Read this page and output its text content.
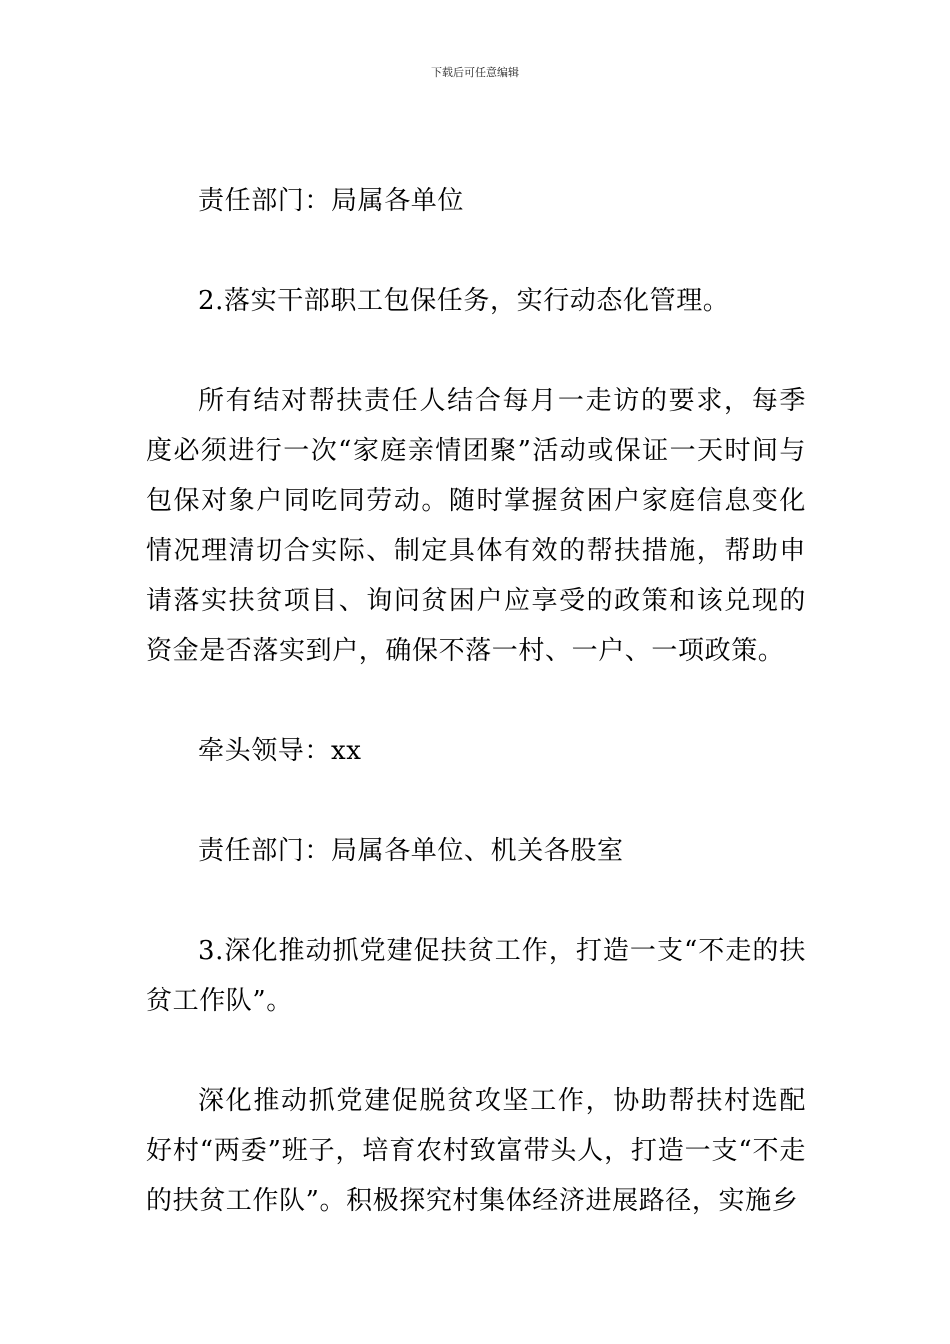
下载后可任意编辑

责任部门：局属各单位

2.落实干部职工包保任务，实行动态化管理。

所有结对帮扶责任人结合每月一走访的要求，每季度必须进行一次“家庭亲情团聚”活动或保证一天时间与包保对象户同吃同劳动。随时掌握贫困户家庭信息变化情况理清切合实际、制定具体有效的帮扶措施，帮助申请落实扶贫项目、询问贫困户应享受的政策和该兑现的资金是否落实到户，确保不落一村、一户、一项政策。

牵头领导：xx

责任部门：局属各单位、机关各股室

3.深化推动抓党建促扶贫工作，打造一支“不走的扶贫工作队”。

深化推动抓党建促脱贫攻坚工作，协助帮扶村选配好村“两委”班子，培育农村致富带头人，打造一支“不走的扶贫工作队”。积极探究村集体经济进展路径，实施乡
